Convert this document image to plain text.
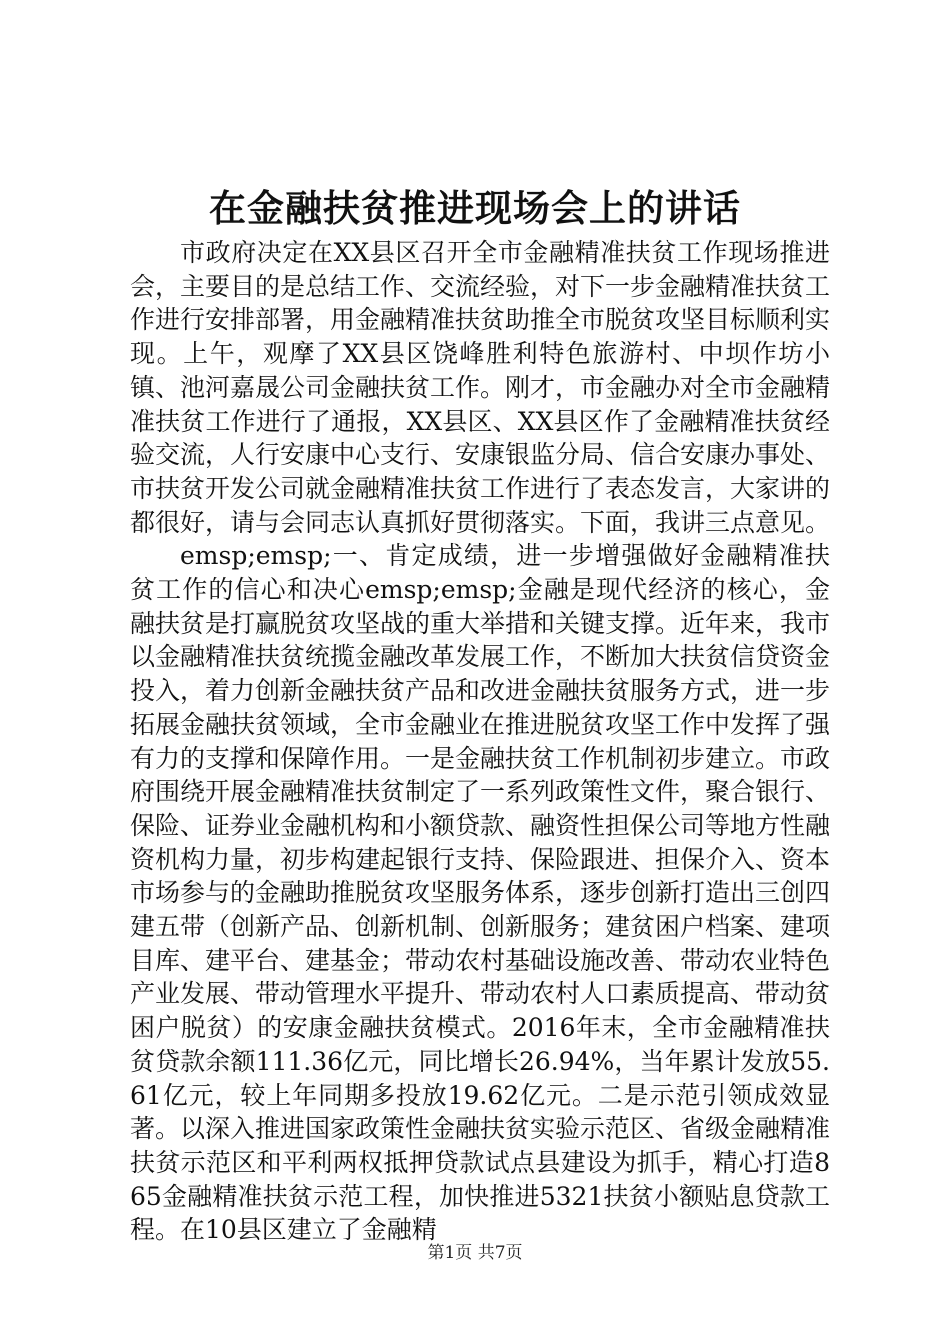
在金融扶贫推进现场会上的讲话

市政府决定在XX县区召开全市金融精准扶贫工作现场推进会，主要目的是总结工作、交流经验，对下一步金融精准扶贫工作进行安排部署，用金融精准扶贫助推全市脱贫攻坚目标顺利实现。上午，观摩了XX县区饶峰胜利特色旅游村、中坝作坊小镇、池河嘉晟公司金融扶贫工作。刚才，市金融办对全市金融精准扶贫工作进行了通报，XX县区、XX县区作了金融精准扶贫经验交流，人行安康中心支行、安康银监分局、信合安康办事处、市扶贫开发公司就金融精准扶贫工作进行了表态发言，大家讲的都很好，请与会同志认真抓好贯彻落实。下面，我讲三点意见。

emsp;emsp;一、肯定成绩，进一步增强做好金融精准扶贫工作的信心和决心emsp;emsp;金融是现代经济的核心，金融扶贫是打赢脱贫攻坚战的重大举措和关键支撑。近年来，我市以金融精准扶贫统揽金融改革发展工作，不断加大扶贫信贷资金投入，着力创新金融扶贫产品和改进金融扶贫服务方式，进一步拓展金融扶贫领域，全市金融业在推进脱贫攻坚工作中发挥了强有力的支撑和保障作用。一是金融扶贫工作机制初步建立。市政府围绕开展金融精准扶贫制定了一系列政策性文件，聚合银行、保险、证券业金融机构和小额贷款、融资性担保公司等地方性融资机构力量，初步构建起银行支持、保险跟进、担保介入、资本市场参与的金融助推脱贫攻坚服务体系，逐步创新打造出三创四建五带（创新产品、创新机制、创新服务；建贫困户档案、建项目库、建平台、建基金；带动农村基础设施改善、带动农业特色产业发展、带动管理水平提升、带动农村人口素质提高、带动贫困户脱贫）的安康金融扶贫模式。2016年末，全市金融精准扶贫贷款余额111.36亿元，同比增长26.94%，当年累计发放55.61亿元，较上年同期多投放19.62亿元。二是示范引领成效显著。以深入推进国家政策性金融扶贫实验示范区、省级金融精准扶贫示范区和平利两权抵押贷款试点县建设为抓手，精心打造865金融精准扶贫示范工程，加快推进5321扶贫小额贴息贷款工程。在10县区建立了金融精

第1页 共7页
